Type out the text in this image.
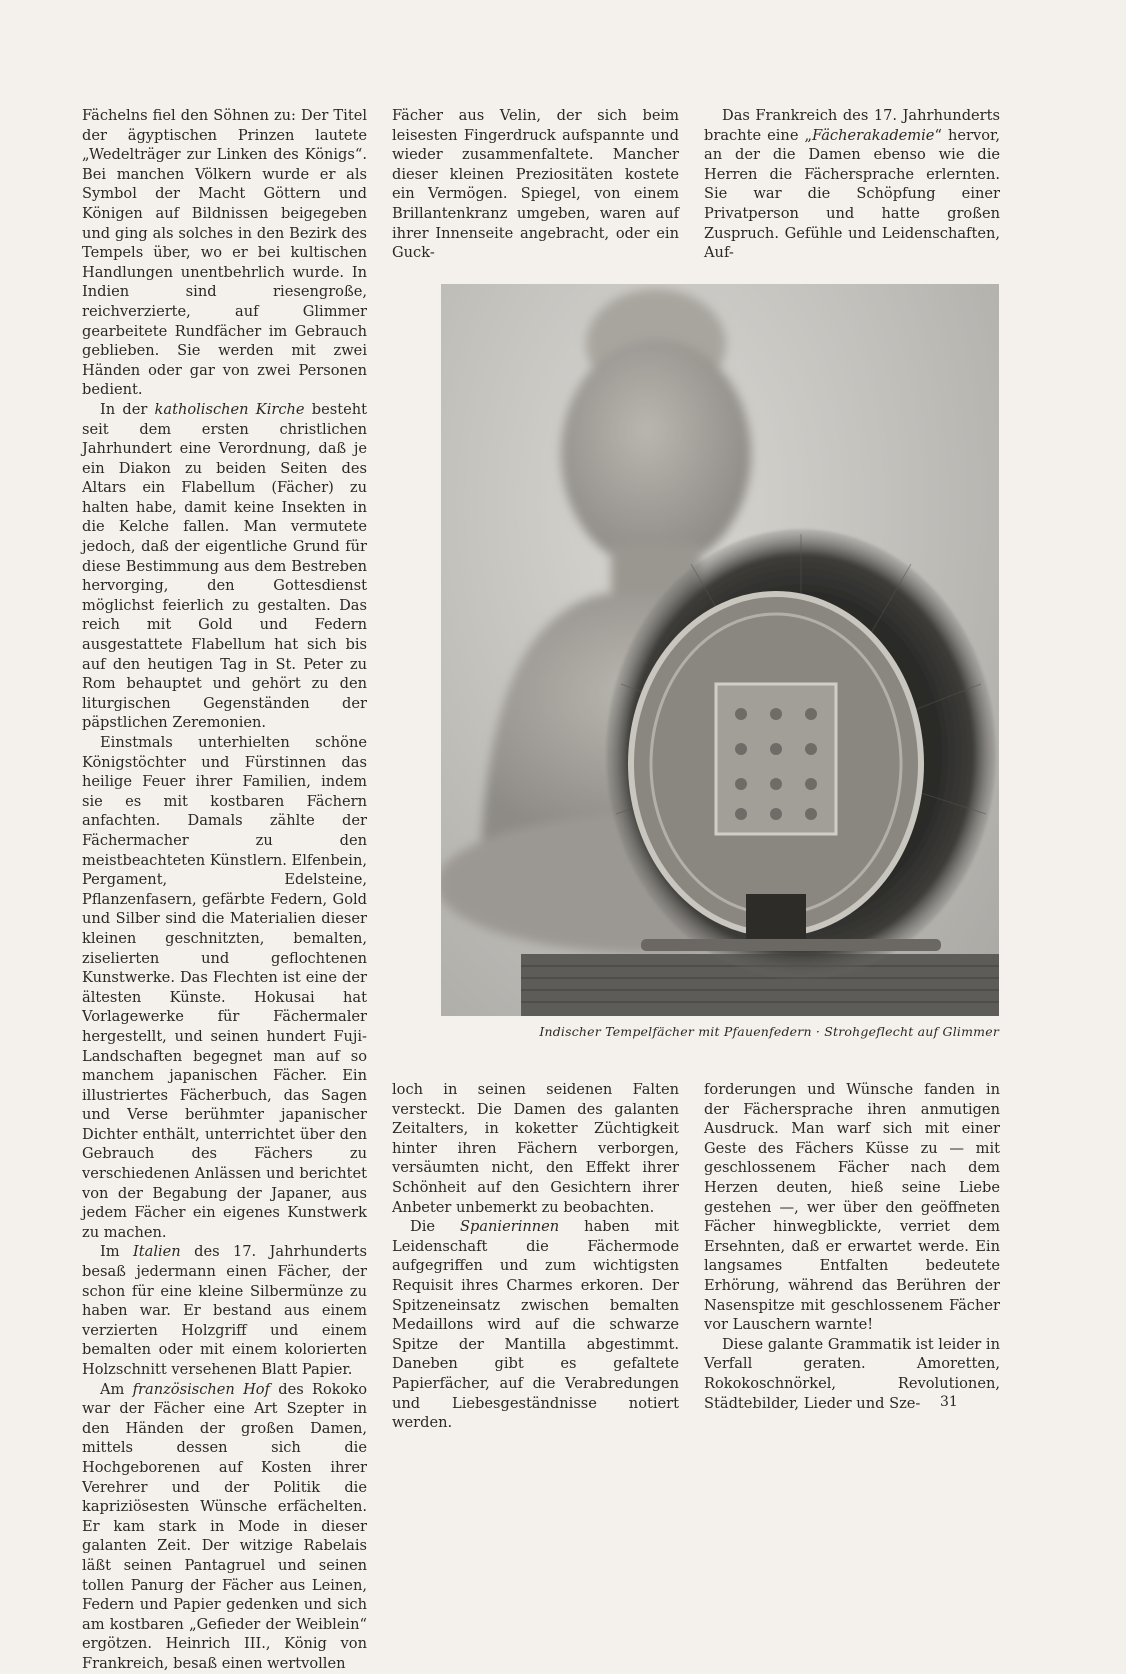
Fächelns fiel den Söhnen zu: Der Titel der ägyptischen Prinzen lautete „Wedelträger zur Linken des Königs“. Bei manchen Völkern wurde er als Symbol der Macht Göttern und Königen auf Bildnissen beigegeben und ging als solches in den Bezirk des Tempels über, wo er bei kultischen Handlungen unentbehrlich wurde. In Indien sind riesengroße, reichverzierte, auf Glimmer gearbeitete Rundfächer im Gebrauch geblieben. Sie werden mit zwei Händen oder gar von zwei Personen bedient.

In der katholischen Kirche besteht seit dem ersten christlichen Jahrhundert eine Verordnung, daß je ein Diakon zu beiden Seiten des Altars ein Flabellum (Fächer) zu halten habe, damit keine Insekten in die Kelche fallen. Man vermutete jedoch, daß der eigentliche Grund für diese Bestimmung aus dem Bestreben hervorging, den Gottesdienst möglichst feierlich zu gestalten. Das reich mit Gold und Federn ausgestattete Flabellum hat sich bis auf den heutigen Tag in St. Peter zu Rom behauptet und gehört zu den liturgischen Gegenständen der päpstlichen Zeremonien.

Einstmals unterhielten schöne Königstöchter und Fürstinnen das heilige Feuer ihrer Familien, indem sie es mit kostbaren Fächern anfachten. Damals zählte der Fächermacher zu den meistbeachteten Künstlern. Elfenbein, Pergament, Edelsteine, Pflanzenfasern, gefärbte Federn, Gold und Silber sind die Materialien dieser kleinen geschnitzten, bemalten, ziselierten und geflochtenen Kunstwerke. Das Flechten ist eine der ältesten Künste. Hokusai hat Vorlagewerke für Fächermaler hergestellt, und seinen hundert Fuji-Landschaften begegnet man auf so manchem japanischen Fächer. Ein illustriertes Fächerbuch, das Sagen und Verse berühmter japanischer Dichter enthält, unterrichtet über den Gebrauch des Fächers zu verschiedenen Anlässen und berichtet von der Begabung der Japaner, aus jedem Fächer ein eigenes Kunstwerk zu machen.

Im Italien des 17. Jahrhunderts besaß jedermann einen Fächer, der schon für eine kleine Silbermünze zu haben war. Er bestand aus einem verzierten Holzgriff und einem bemalten oder mit einem kolorierten Holzschnitt versehenen Blatt Papier.

Am französischen Hof des Rokoko war der Fächer eine Art Szepter in den Händen der großen Damen, mittels dessen sich die Hochgeborenen auf Kosten ihrer Verehrer und der Politik die kapriziösesten Wünsche erfächelten. Er kam stark in Mode in dieser galanten Zeit. Der witzige Rabelais läßt seinen Pantagruel und seinen tollen Panurg der Fächer aus Leinen, Federn und Papier gedenken und sich am kostbaren „Gefieder der Weiblein“ ergötzen. Heinrich III., König von Frankreich, besaß einen wertvollen

Fächer aus Velin, der sich beim leisesten Fingerdruck aufspannte und wieder zusammenfaltete. Mancher dieser kleinen Preziositäten kostete ein Vermögen. Spiegel, von einem Brillantenkranz umgeben, waren auf ihrer Innenseite angebracht, oder ein Guck-

Das Frankreich des 17. Jahrhunderts brachte eine „Fächerakademie“ hervor, an der die Damen ebenso wie die Herren die Fächersprache erlernten. Sie war die Schöpfung einer Privatperson und hatte großen Zuspruch. Gefühle und Leidenschaften, Auf-

Indischer Tempelfächer mit Pfauenfedern · Strohgeflecht auf Glimmer

loch in seinen seidenen Falten versteckt. Die Damen des galanten Zeitalters, in koketter Züchtigkeit hinter ihren Fächern verborgen, versäumten nicht, den Effekt ihrer Schönheit auf den Gesichtern ihrer Anbeter unbemerkt zu beobachten.

Die Spanierinnen haben mit Leidenschaft die Fächermode aufgegriffen und zum wichtigsten Requisit ihres Charmes erkoren. Der Spitzeneinsatz zwischen bemalten Medaillons wird auf die schwarze Spitze der Mantilla abgestimmt. Daneben gibt es gefaltete Papierfächer, auf die Verabredungen und Liebesgeständnisse notiert werden.

forderungen und Wünsche fanden in der Fächersprache ihren anmutigen Ausdruck. Man warf sich mit einer Geste des Fächers Küsse zu — mit geschlossenem Fächer nach dem Herzen deuten, hieß seine Liebe gestehen —, wer über den geöffneten Fächer hinwegblickte, verriet dem Ersehnten, daß er erwartet werde. Ein langsames Entfalten bedeutete Erhörung, während das Berühren der Nasenspitze mit geschlossenem Fächer vor Lauschern warnte!

Diese galante Grammatik ist leider in Verfall geraten. Amoretten, Rokokoschnörkel, Revolutionen, Städtebilder, Lieder und Sze-	31
